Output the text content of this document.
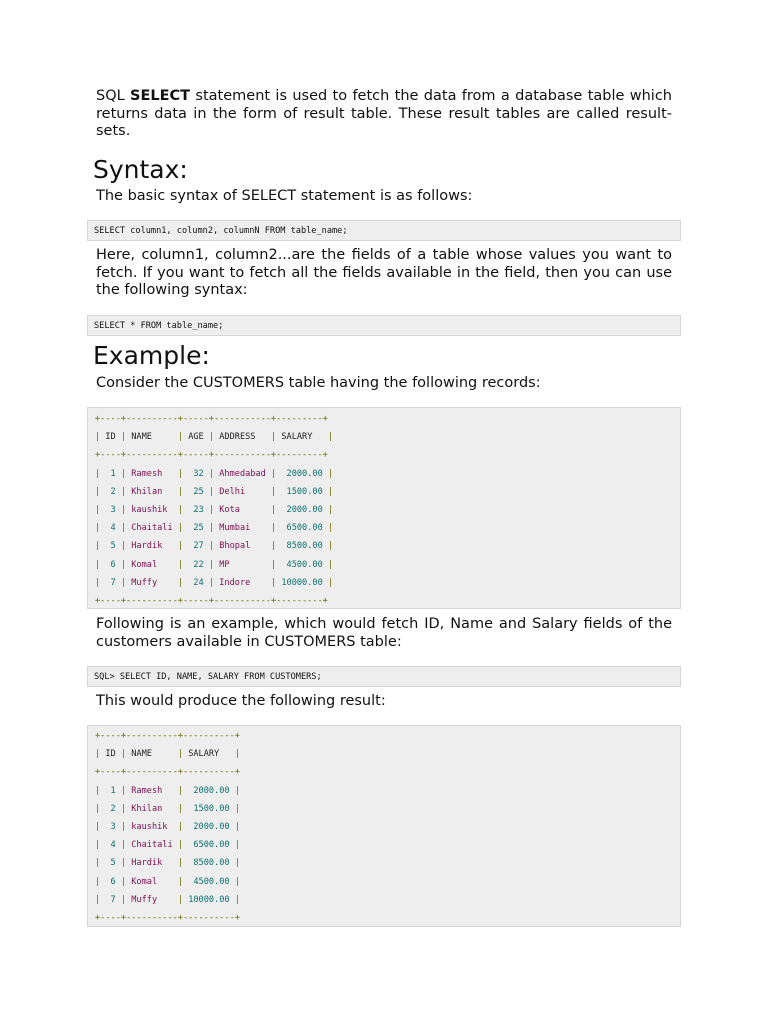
SQL SELECT statement is used to fetch the data from a database table which returns data in the form of result table. These result tables are called result-sets.
Syntax:
The basic syntax of SELECT statement is as follows:
SELECT column1, column2, columnN FROM table_name;
Here, column1, column2...are the fields of a table whose values you want to fetch. If you want to fetch all the fields available in the field, then you can use the following syntax:
SELECT * FROM table_name;
Example:
Consider the CUSTOMERS table having the following records:
+----+----------+-----+-----------+---------+
| ID | NAME     | AGE | ADDRESS   | SALARY   |
+----+----------+-----+-----------+---------+
|  1 | Ramesh   |  32 | Ahmedabad |  2000.00 |
|  2 | Khilan   |  25 | Delhi     |  1500.00 |
|  3 | kaushik  |  23 | Kota      |  2000.00 |
|  4 | Chaitali |  25 | Mumbai    |  6500.00 |
|  5 | Hardik   |  27 | Bhopal    |  8500.00 |
|  6 | Komal    |  22 | MP        |  4500.00 |
|  7 | Muffy    |  24 | Indore    | 10000.00 |
+----+----------+-----+-----------+---------+
Following is an example, which would fetch ID, Name and Salary fields of the customers available in CUSTOMERS table:
SQL> SELECT ID, NAME, SALARY FROM CUSTOMERS;
This would produce the following result:
+----+----------+----------+
| ID | NAME     | SALARY   |
+----+----------+----------+
|  1 | Ramesh   |  2000.00 |
|  2 | Khilan   |  1500.00 |
|  3 | kaushik  |  2000.00 |
|  4 | Chaitali |  6500.00 |
|  5 | Hardik   |  8500.00 |
|  6 | Komal    |  4500.00 |
|  7 | Muffy    | 10000.00 |
+----+----------+----------+
